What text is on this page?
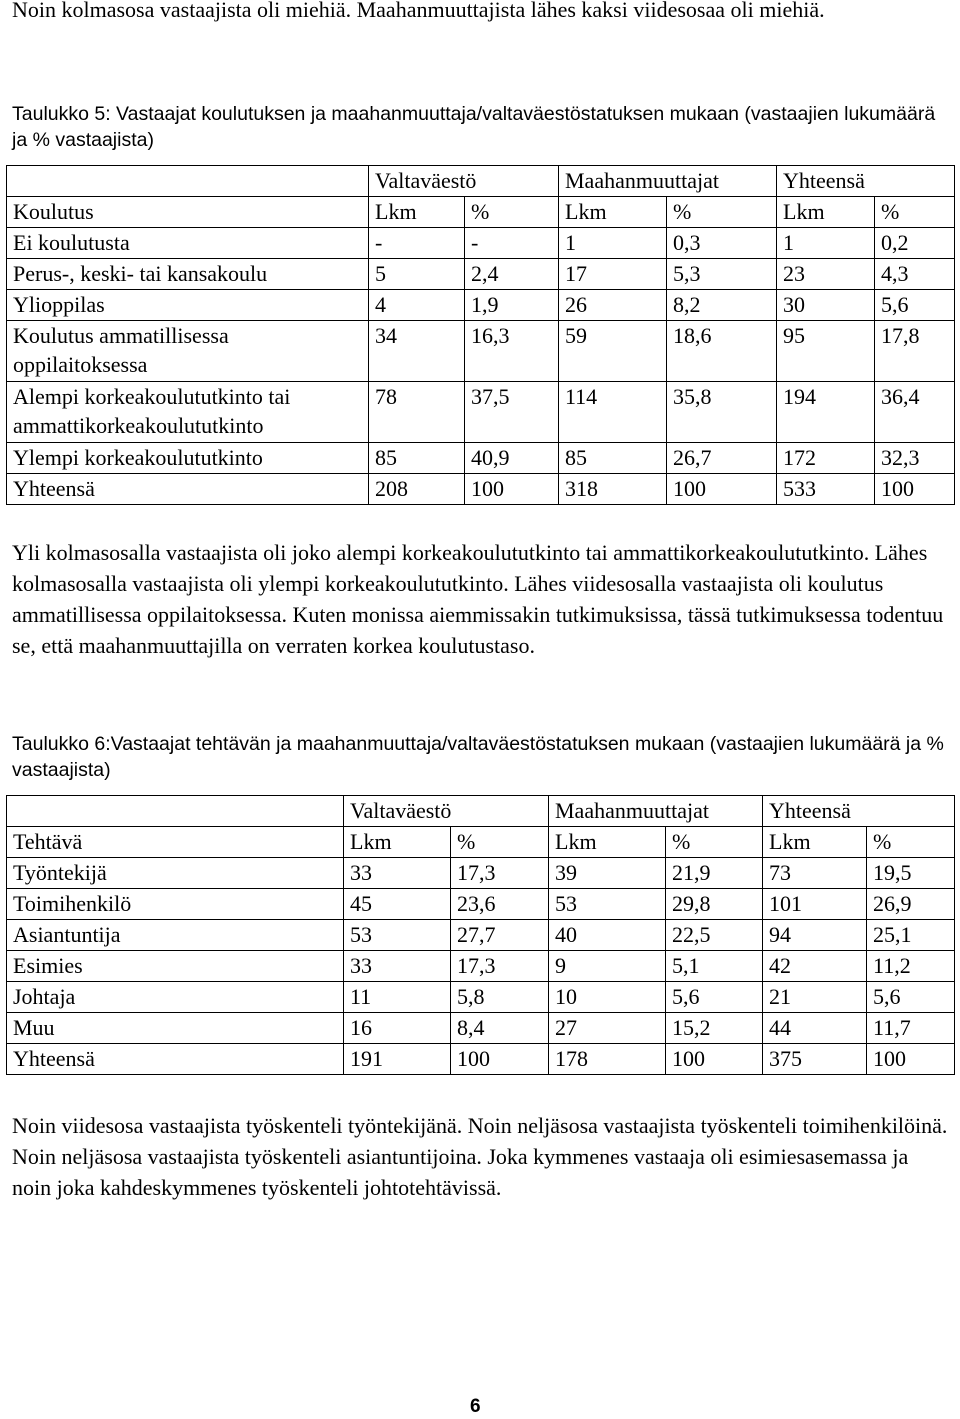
Noin kolmasosa vastaajista oli miehiä. Maahanmuuttajista lähes kaksi viidesosaa oli miehiä.

Taulukko 5: Vastaajat koulutuksen ja maahanmuuttaja/valtaväestöstatuksen mukaan (vastaajien lukumäärä ja % vastaajista)

	Valtaväestö		Maahanmuuttajat		Yhteensä	
Koulutus	Lkm	%	Lkm	%	Lkm	%
Ei koulutusta	-	-	1	0,3	1	0,2
Perus-, keski- tai kansakoulu	5	2,4	17	5,3	23	4,3
Ylioppilas	4	1,9	26	8,2	30	5,6
Koulutus ammatillisessa oppilaitoksessa	34	16,3	59	18,6	95	17,8
Alempi korkeakoulututkinto tai ammattikorkeakoulututkinto	78	37,5	114	35,8	194	36,4
Ylempi korkeakoulututkinto	85	40,9	85	26,7	172	32,3
Yhteensä	208	100	318	100	533	100

Yli kolmasosalla vastaajista oli joko alempi korkeakoulututkinto tai ammattikorkeakoulututkinto. Lähes kolmasosalla vastaajista oli ylempi korkeakoulututkinto. Lähes viidesosalla vastaajista oli koulutus ammatillisessa oppilaitoksessa. Kuten monissa aiemmissakin tutkimuksissa, tässä tutkimuksessa todentuu se, että maahanmuuttajilla on verraten korkea koulutustaso.

Taulukko 6:Vastaajat tehtävän ja maahanmuuttaja/valtaväestöstatuksen mukaan (vastaajien lukumäärä ja % vastaajista)

	Valtaväestö		Maahanmuuttajat		Yhteensä	
Tehtävä	Lkm	%	Lkm	%	Lkm	%
Työntekijä	33	17,3	39	21,9	73	19,5
Toimihenkilö	45	23,6	53	29,8	101	26,9
Asiantuntija	53	27,7	40	22,5	94	25,1
Esimies	33	17,3	9	5,1	42	11,2
Johtaja	11	5,8	10	5,6	21	5,6
Muu	16	8,4	27	15,2	44	11,7
Yhteensä	191	100	178	100	375	100

Noin viidesosa vastaajista työskenteli työntekijänä. Noin neljäsosa vastaajista työskenteli toimihenkilöinä. Noin neljäsosa vastaajista työskenteli asiantuntijoina. Joka kymmenes vastaaja oli esimiesasemassa ja noin joka kahdeskymmenes työskenteli johtotehtävissä.

6
